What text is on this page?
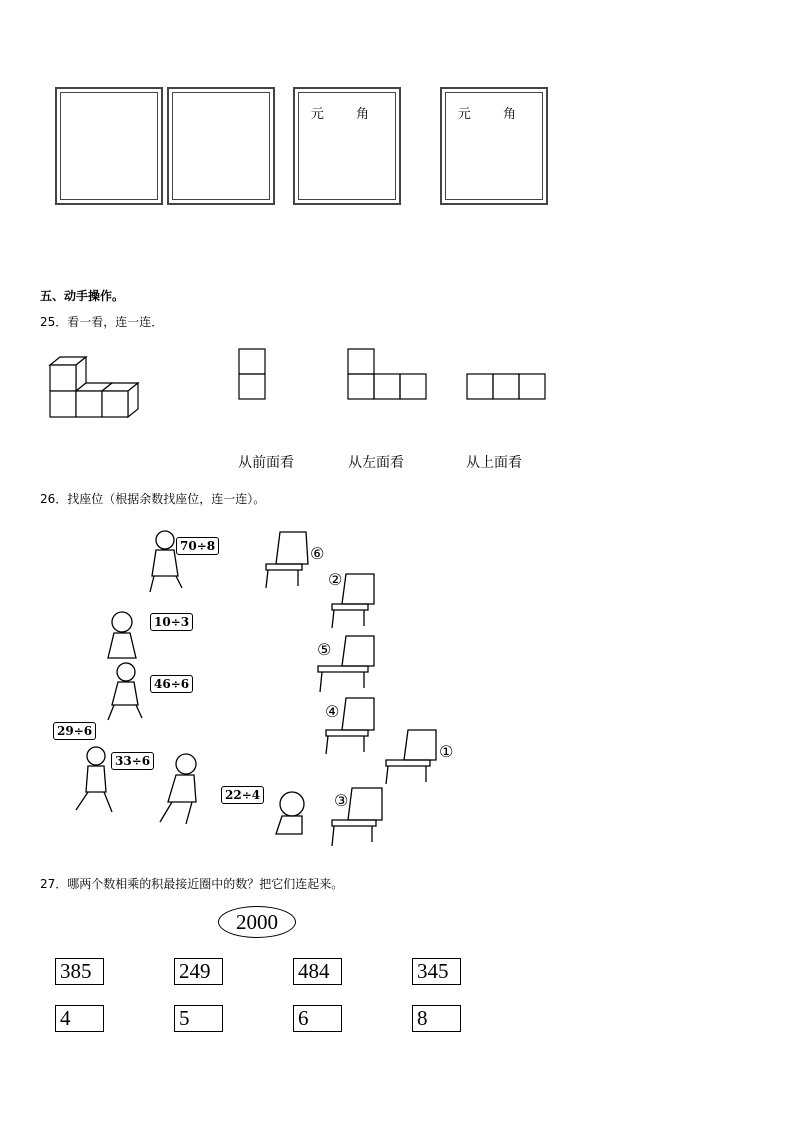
元 角	元 角
五、动手操作。
25．看一看，连一连．
从前面看	从左面看	从上面看
26．找座位（根据余数找座位，连一连）。
70÷8
10÷3
46÷6
29÷6
33÷6
22÷4
⑥
②
⑤
④
①
③
27．哪两个数相乘的积最接近圈中的数？把它们连起来。
2000
385	249	484	345
4	5	6	8
